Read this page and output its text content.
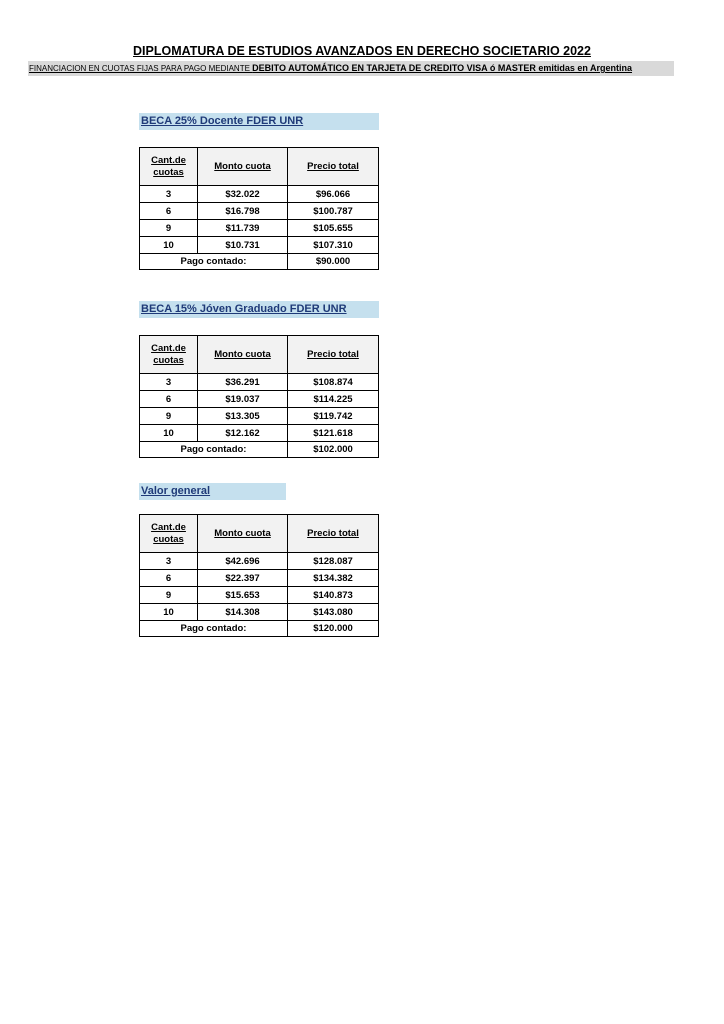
DIPLOMATURA DE ESTUDIOS AVANZADOS EN DERECHO SOCIETARIO 2022
FINANCIACION EN CUOTAS FIJAS PARA PAGO MEDIANTE DEBITO AUTOMÁTICO EN TARJETA DE CREDITO VISA ó MASTER emitidas en Argentina
BECA 25% Docente FDER UNR
Cant.de cuotas	Monto cuota	Precio total
3	$32.022	$96.066
6	$16.798	$100.787
9	$11.739	$105.655
10	$10.731	$107.310
Pago contado:		$90.000
BECA 15% Jóven Graduado FDER UNR
Cant.de cuotas	Monto cuota	Precio total
3	$36.291	$108.874
6	$19.037	$114.225
9	$13.305	$119.742
10	$12.162	$121.618
Pago contado:		$102.000
Valor general
Cant.de cuotas	Monto cuota	Precio total
3	$42.696	$128.087
6	$22.397	$134.382
9	$15.653	$140.873
10	$14.308	$143.080
Pago contado:		$120.000
